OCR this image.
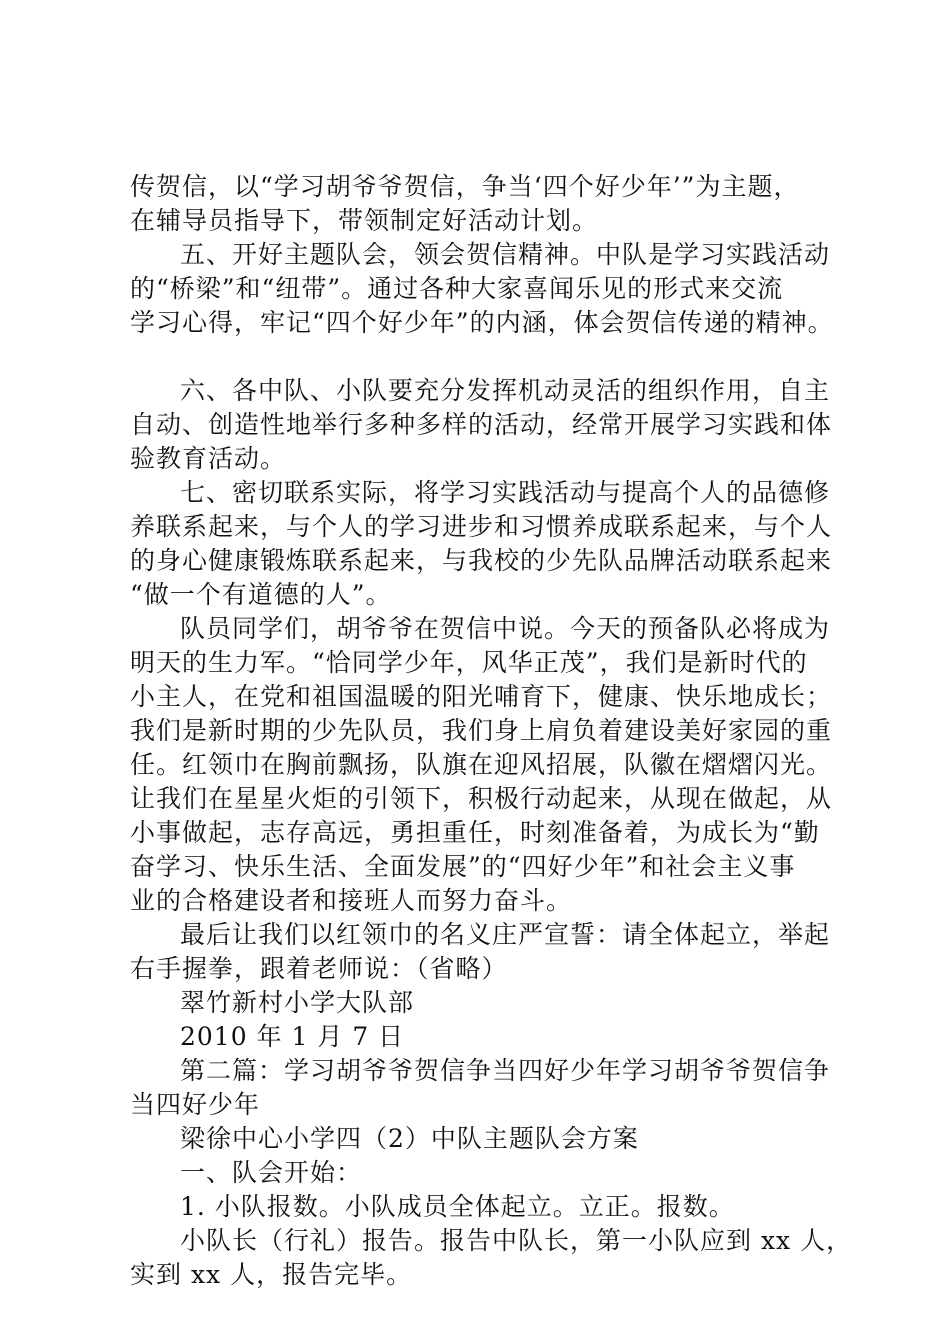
传贺信，以“学习胡爷爷贺信，争当‘四个好少年’”为主题，
在辅导员指导下，带领制定好活动计划。
五、开好主题队会，领会贺信精神。中队是学习实践活动
的“桥梁”和“纽带”。通过各种大家喜闻乐见的形式来交流
学习心得，牢记“四个好少年”的内涵，体会贺信传递的精神。
六、各中队、小队要充分发挥机动灵活的组织作用，自主
自动、创造性地举行多种多样的活动，经常开展学习实践和体
验教育活动。
七、密切联系实际，将学习实践活动与提高个人的品德修
养联系起来，与个人的学习进步和习惯养成联系起来，与个人
的身心健康锻炼联系起来，与我校的少先队品牌活动联系起来
“做一个有道德的人”。
队员同学们，胡爷爷在贺信中说。今天的预备队必将成为
明天的生力军。“恰同学少年，风华正茂”，我们是新时代的
小主人，在党和祖国温暖的阳光哺育下，健康、快乐地成长；
我们是新时期的少先队员，我们身上肩负着建设美好家园的重
任。红领巾在胸前飘扬，队旗在迎风招展，队徽在熠熠闪光。
让我们在星星火炬的引领下，积极行动起来，从现在做起，从
小事做起，志存高远，勇担重任，时刻准备着，为成长为“勤
奋学习、快乐生活、全面发展”的“四好少年”和社会主义事
业的合格建设者和接班人而努力奋斗。
最后让我们以红领巾的名义庄严宣誓：请全体起立，举起
右手握拳，跟着老师说：（省略）
翠竹新村小学大队部
2010 年 1 月 7 日
第二篇：学习胡爷爷贺信争当四好少年学习胡爷爷贺信争
当四好少年
梁徐中心小学四（2）中队主题队会方案
一、队会开始：
1. 小队报数。小队成员全体起立。立正。报数。
小队长（行礼）报告。报告中队长，第一小队应到 xx 人，
实到 xx 人，报告完毕。
